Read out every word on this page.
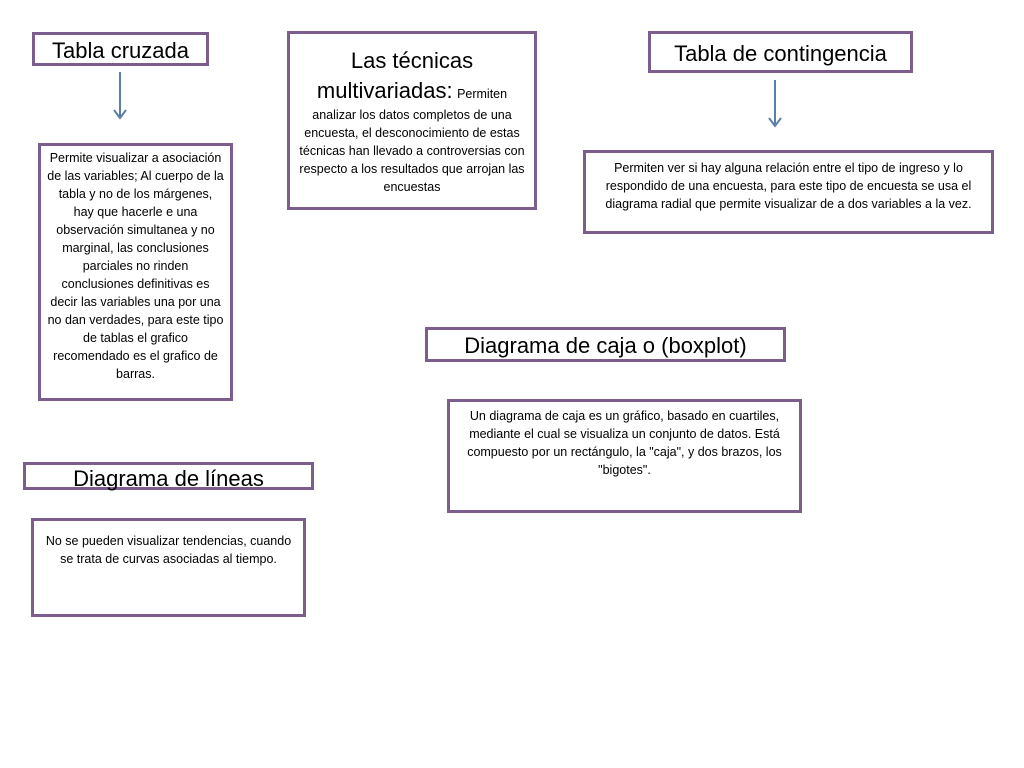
Tabla cruzada
Permite visualizar a asociación de las variables; Al cuerpo de la tabla y no de los márgenes, hay que hacerle e una observación simultanea y no marginal, las conclusiones parciales no rinden conclusiones definitivas es decir las variables una por una no dan verdades, para este tipo de tablas el grafico recomendado es el grafico de barras.
Las técnicas multivariadas: Permiten analizar los datos completos de una encuesta, el desconocimiento de estas técnicas han llevado a controversias con respecto a los resultados que arrojan las encuestas
Tabla de contingencia
Permiten ver si hay alguna relación entre el tipo de ingreso y lo respondido de una encuesta, para este tipo de encuesta se usa el diagrama radial que permite visualizar de a dos variables a la vez.
Diagrama de caja o (boxplot)
Un diagrama de caja es un gráfico, basado en cuartiles, mediante el cual se visualiza un conjunto de datos. Está compuesto por un rectángulo, la "caja", y dos brazos, los "bigotes".
Diagrama de líneas
No se pueden visualizar tendencias, cuando se trata de curvas asociadas al tiempo.
